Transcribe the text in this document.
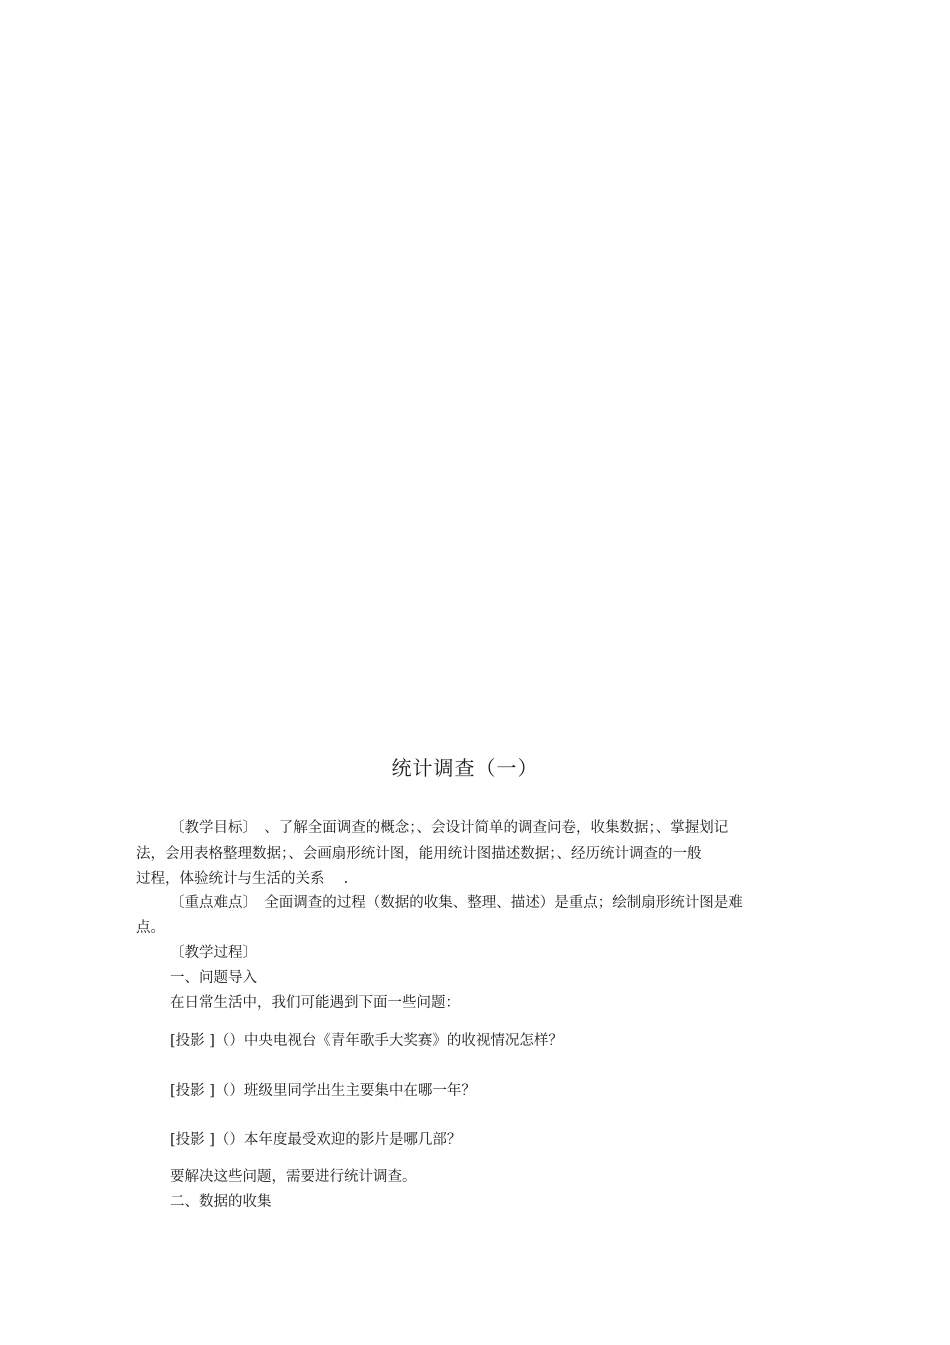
统计调查（一）
〔教学目标〕　、了解全面调查的概念；、会设计简单的调查问卷，收集数据；、掌握划记
法，会用表格整理数据；、会画扇形统计图，能用统计图描述数据；、经历统计调查的一般
过程，体验统计与生活的关系　 .
〔重点难点〕　全面调查的过程（数据的收集、整理、描述）是重点；绘制扇形统计图是难
点。
〔教学过程〕
一、问题导入
在日常生活中，我们可能遇到下面一些问题：
[投影 ]（）中央电视台《青年歌手大奖赛》的收视情况怎样？
[投影 ]（）班级里同学出生主要集中在哪一年？
[投影 ]（）本年度最受欢迎的影片是哪几部？
要解决这些问题，需要进行统计调查。
二、数据的收集
